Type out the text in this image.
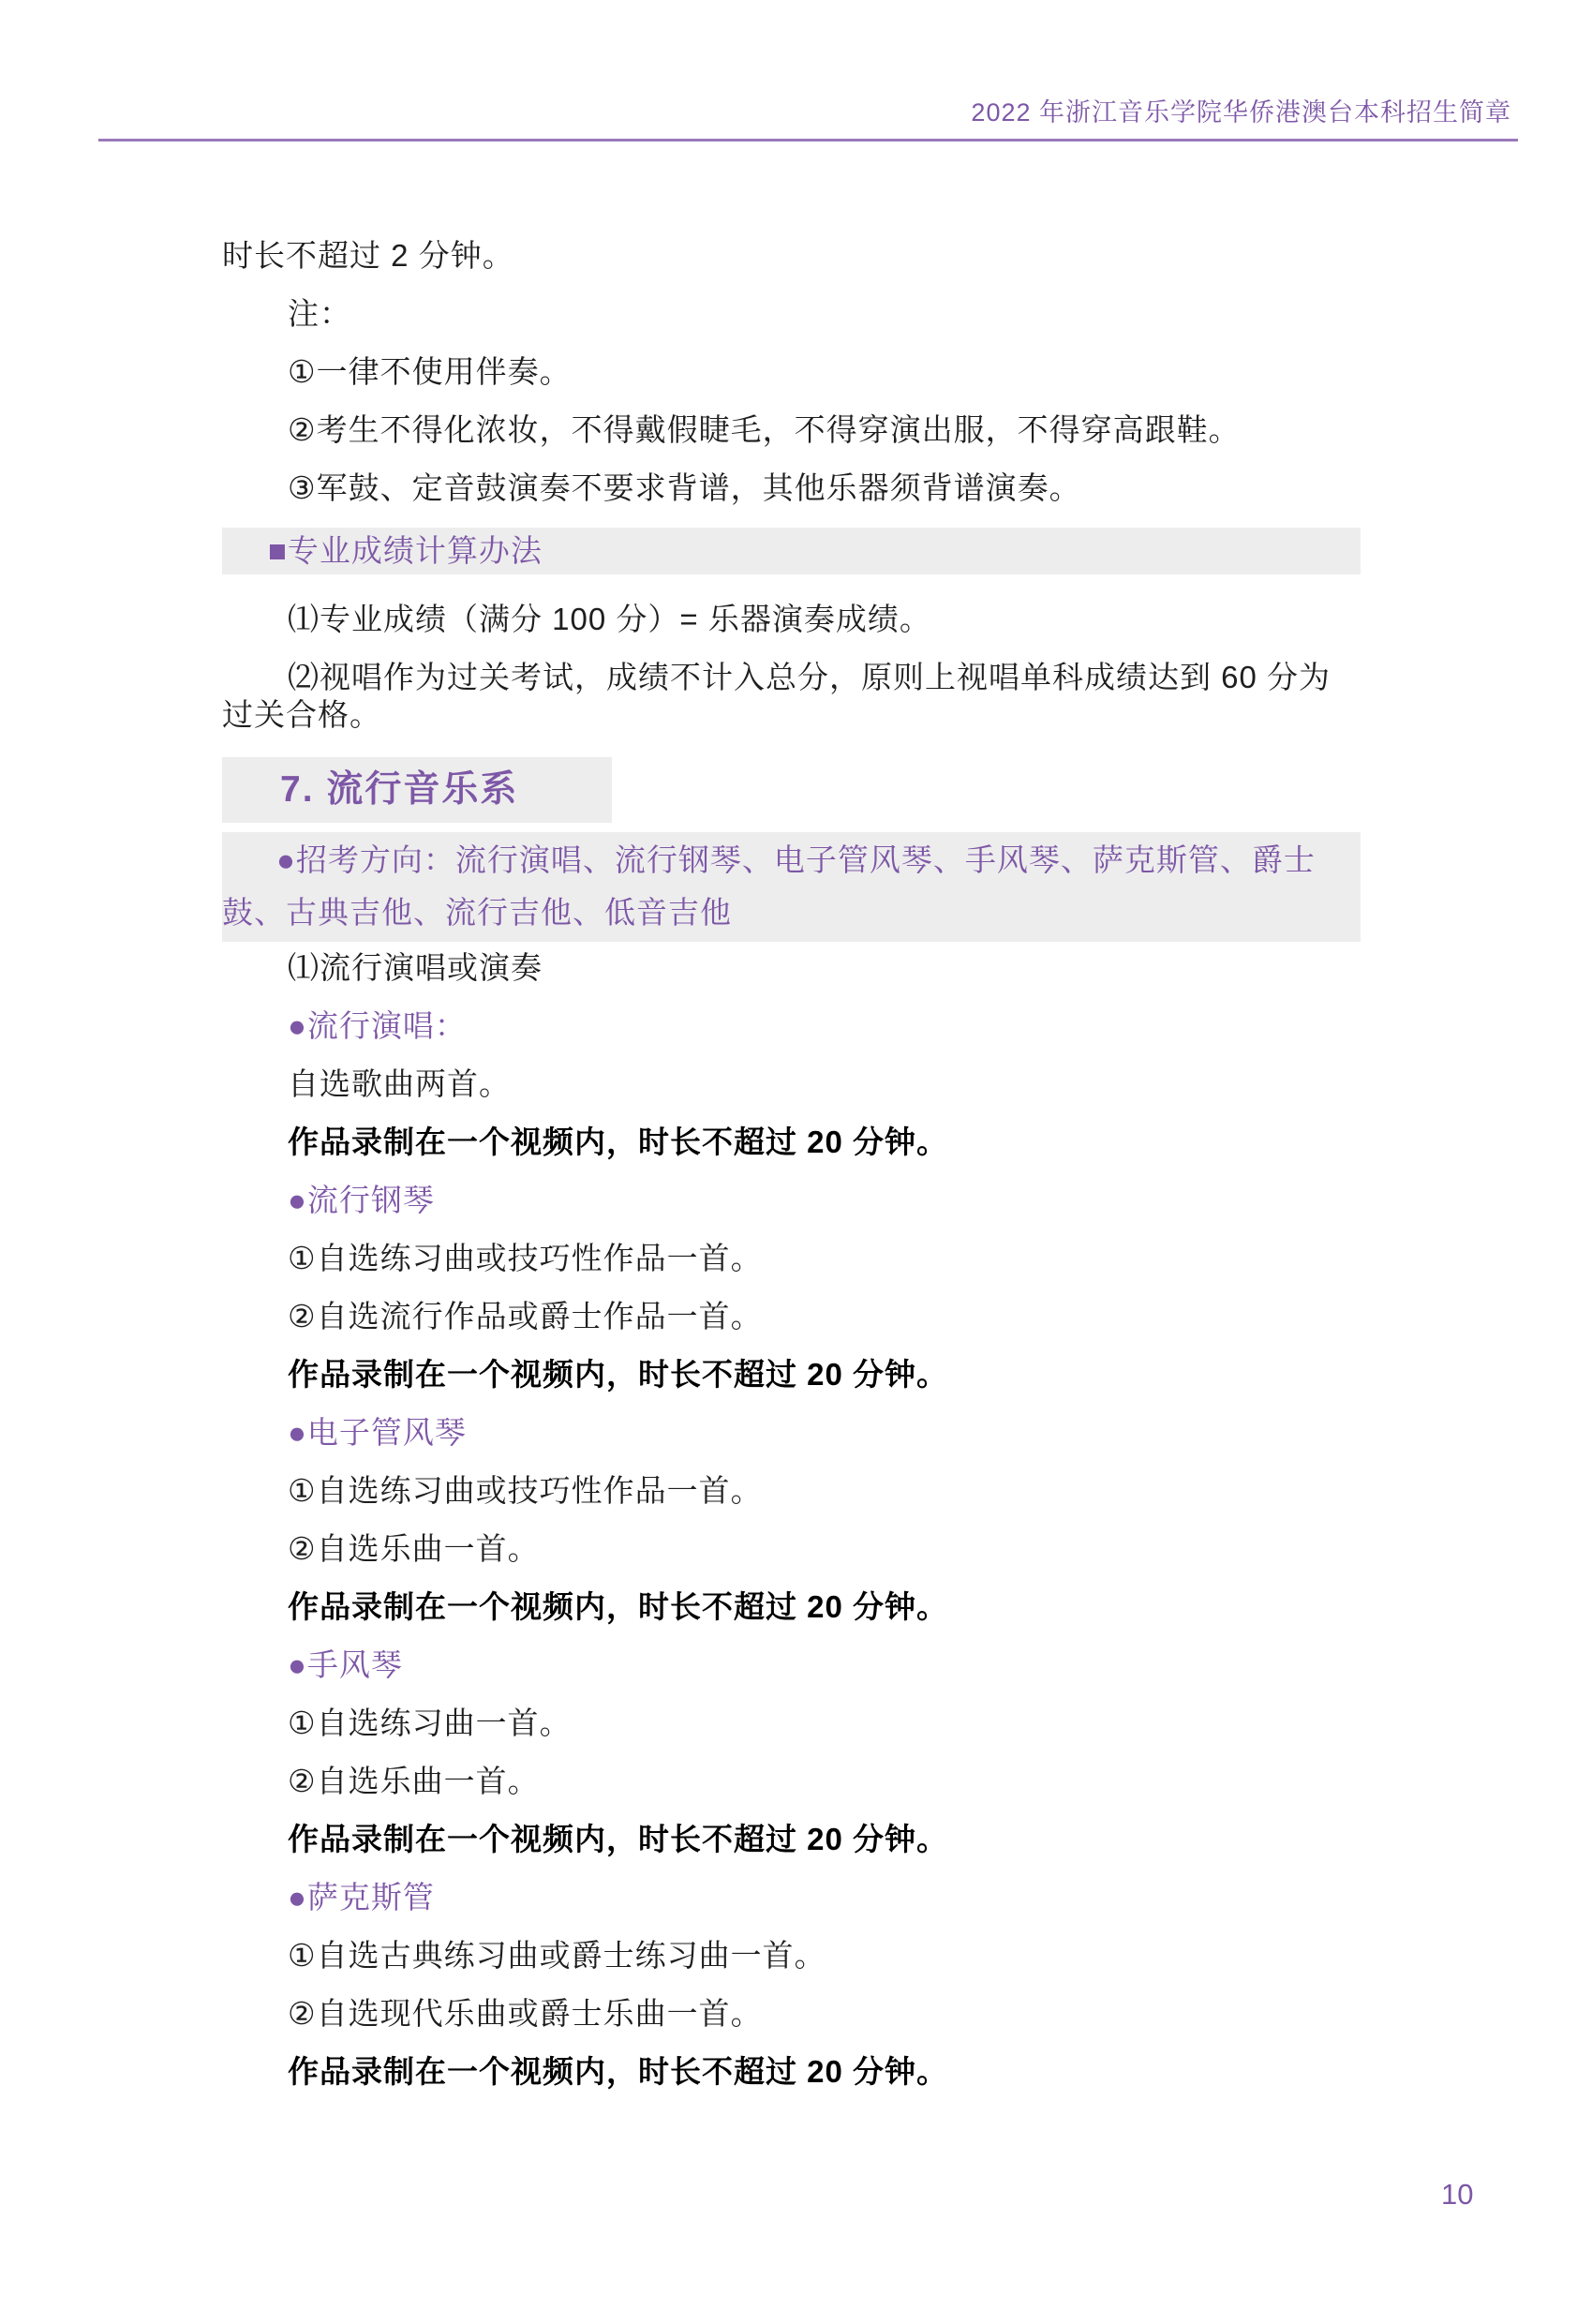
2022 年浙江音乐学院华侨港澳台本科招生简章

时长不超过 2 分钟。

注：

①一律不使用伴奏。

②考生不得化浓妆，不得戴假睫毛，不得穿演出服，不得穿高跟鞋。

③军鼓、定音鼓演奏不要求背谱，其他乐器须背谱演奏。

■专业成绩计算办法

⑴专业成绩（满分 100 分）= 乐器演奏成绩。

⑵视唱作为过关考试，成绩不计入总分，原则上视唱单科成绩达到 60 分为过关合格。

7. 流行音乐系

●招考方向：流行演唱、流行钢琴、电子管风琴、手风琴、萨克斯管、爵士鼓、古典吉他、流行吉他、低音吉他

⑴流行演唱或演奏

●流行演唱：

自选歌曲两首。

作品录制在一个视频内，时长不超过 20 分钟。

●流行钢琴

①自选练习曲或技巧性作品一首。

②自选流行作品或爵士作品一首。

作品录制在一个视频内，时长不超过 20 分钟。

●电子管风琴

①自选练习曲或技巧性作品一首。

②自选乐曲一首。

作品录制在一个视频内，时长不超过 20 分钟。

●手风琴

①自选练习曲一首。

②自选乐曲一首。

作品录制在一个视频内，时长不超过 20 分钟。

●萨克斯管

①自选古典练习曲或爵士练习曲一首。

②自选现代乐曲或爵士乐曲一首。

作品录制在一个视频内，时长不超过 20 分钟。

10
